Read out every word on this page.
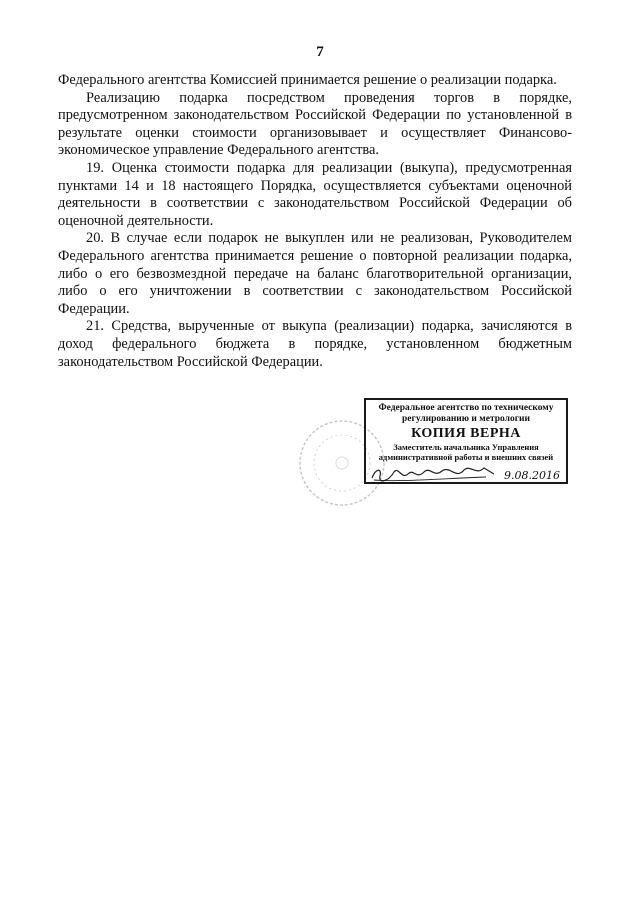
7

Федерального агентства Комиссией принимается решение о реализации подарка.

Реализацию подарка посредством проведения торгов в порядке, предусмотренном законодательством Российской Федерации по установленной в результате оценки стоимости организовывает и осуществляет Финансово-экономическое управление Федерального агентства.

19. Оценка стоимости подарка для реализации (выкупа), предусмотренная пунктами 14 и 18 настоящего Порядка, осуществляется субъектами оценочной деятельности в соответствии с законодательством Российской Федерации об оценочной деятельности.

20. В случае если подарок не выкуплен или не реализован, Руководителем Федерального агентства принимается решение о повторной реализации подарка, либо о его безвозмездной передаче на баланс благотворительной организации, либо о его уничтожении в соответствии с законодательством Российской Федерации.

21. Средства, вырученные от выкупа (реализации) подарка, зачисляются в доход федерального бюджета в порядке, установленном бюджетным законодательством Российской Федерации.

Федеральное агентство по техническому регулированию и метрологии
КОПИЯ ВЕРНА
Заместитель начальника Управления административной работы и внешних связей
9.08.2016
